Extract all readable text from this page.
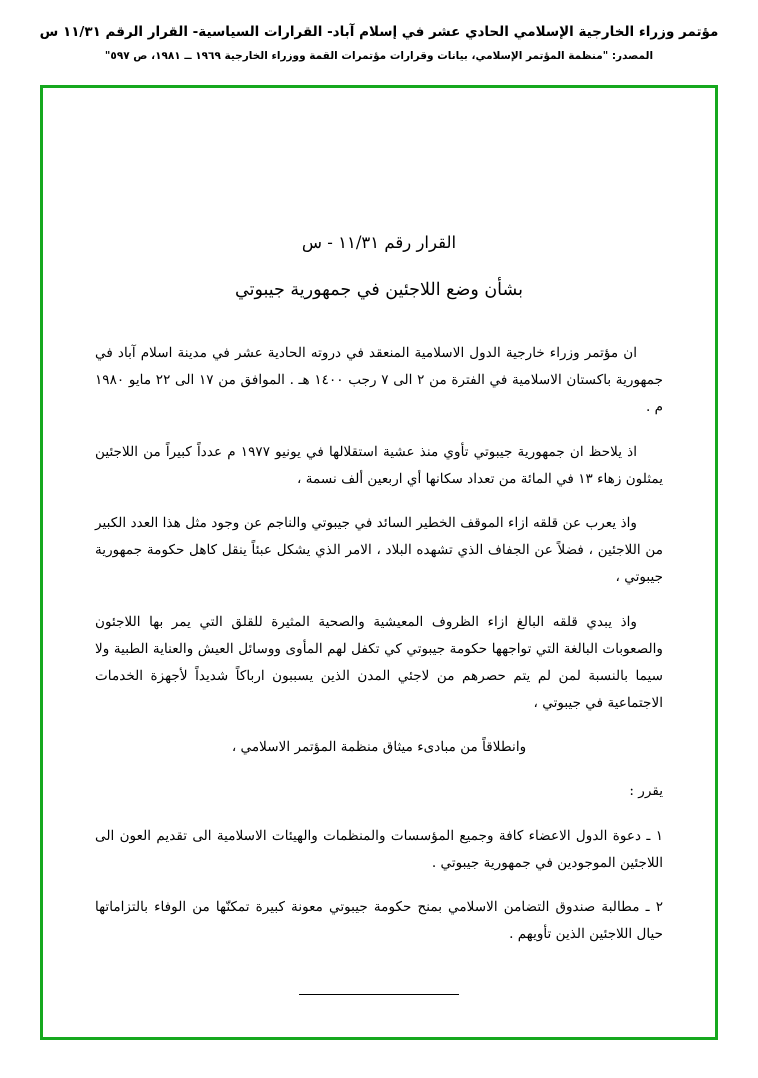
مؤتمر وزراء الخارجية الإسلامي الحادي عشر في إسلام آباد- القرارات السياسية- القرار الرقم ١١/٣١ س
المصدر: "منظمة المؤتمر الإسلامي، بيانات وقرارات مؤتمرات القمة ووزراء الخارجية ١٩٦٩ ــ ١٩٨١، ص ٥٩٧"
القرار رقم ١١/٣١ - س
بشأن وضع اللاجئين في جمهورية جيبوتي

ان مؤتمر وزراء خارجية الدول الاسلامية المنعقد في دروته الحادية عشر في مدينة اسلام آباد في جمهورية باكستان الاسلامية في الفترة من ٢ الى ٧ رجب ١٤٠٠ هـ . الموافق من ١٧ الى ٢٢ مايو ١٩٨٠ م .

اذ يلاحظ ان جمهورية جيبوتي تأوي منذ عشية استقلالها في يونيو ١٩٧٧ م عدداً كبيراً من اللاجئين يمثلون زهاء ١٣ في المائة من تعداد سكانها أي اربعين ألف نسمة ،

واذ يعرب عن قلقه ازاء الموقف الخطير السائد في جيبوتي والناجم عن وجود مثل هذا العدد الكبير من اللاجئين ، فضلاً عن الجفاف الذي تشهده البلاد ، الامر الذي يشكل عبئاً ينقل كاهل حكومة جمهورية جيبوتي ،

واذ يبدي قلقه البالغ ازاء الظروف المعيشية والصحية المثيرة للقلق التي يمر بها اللاجئون والصعوبات البالغة التي تواجهها حكومة جيبوتي كي تكفل لهم المأوى ووسائل العيش والعناية الطبية ولا سيما بالنسبة لمن لم يتم حصرهم من لاجئي المدن الذين يسببون ارباكاً شديداً لأجهزة الخدمات الاجتماعية في جيبوتي ،

وانطلاقاً من مبادىء ميثاق منظمة المؤتمر الاسلامي ،

يقرر :

١ ـ دعوة الدول الاعضاء كافة وجميع المؤسسات والمنظمات والهيئات الاسلامية الى تقديم العون الى اللاجئين الموجودين في جمهورية جيبوتي .

٢ ـ مطالبة صندوق التضامن الاسلامي بمنح حكومة جيبوتي معونة كبيرة تمكنّها من الوفاء بالتزاماتها حيال اللاجئين الذين تأويهم .
